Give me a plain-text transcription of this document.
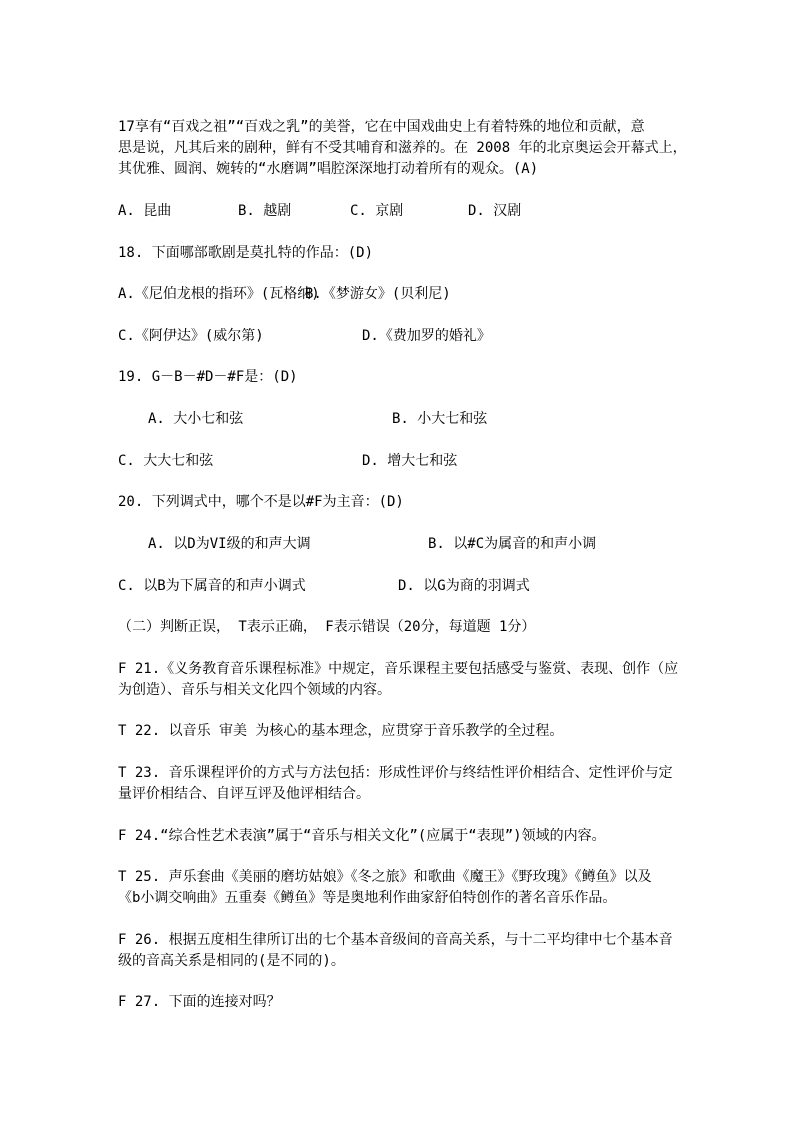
17享有“百戏之祖”“百戏之乳”的美誉，它在中国戏曲史上有着特殊的地位和贡献，意
思是说，凡其后来的剧种，鲜有不受其哺育和滋养的。在 2008 年的北京奥运会开幕式上，
其优雅、圆润、婉转的“水磨调”唱腔深深地打动着所有的观众。(A)
A. 昆曲	B. 越剧	C. 京剧	D. 汉剧
18. 下面哪部歌剧是莫扎特的作品：(D)
A.《尼伯龙根的指环》(瓦格纳)
B.《梦游女》(贝利尼)
C.《阿伊达》(威尔第)	D.《费加罗的婚礼》
19. G－B－#D－#F是：(D)
A. 大小七和弦	B. 小大七和弦
C. 大大七和弦	D. 增大七和弦
20. 下列调式中，哪个不是以#F为主音：(D)
A. 以D为VI级的和声大调	B. 以#C为属音的和声小调
C. 以B为下属音的和声小调式	D. 以G为商的羽调式
（二）判断正误， T表示正确， F表示错误（20分，每道题 1分）
F 21.《义务教育音乐课程标准》中规定，音乐课程主要包括感受与鉴赏、表现、创作（应
为创造）、音乐与相关文化四个领域的内容。
T 22. 以音乐 审美 为核心的基本理念，应贯穿于音乐教学的全过程。
T 23. 音乐课程评价的方式与方法包括：形成性评价与终结性评价相结合、定性评价与定
量评价相结合、自评互评及他评相结合。
F 24.“综合性艺术表演”属于“音乐与相关文化”(应属于“表现”)领域的内容。
T 25. 声乐套曲《美丽的磨坊姑娘》《冬之旅》和歌曲《魔王》《野玫瑰》《鳟鱼》以及
《b小调交响曲》五重奏《鳟鱼》等是奥地利作曲家舒伯特创作的著名音乐作品。
F 26. 根据五度相生律所订出的七个基本音级间的音高关系，与十二平均律中七个基本音
级的音高关系是相同的(是不同的)。
F 27. 下面的连接对吗？
